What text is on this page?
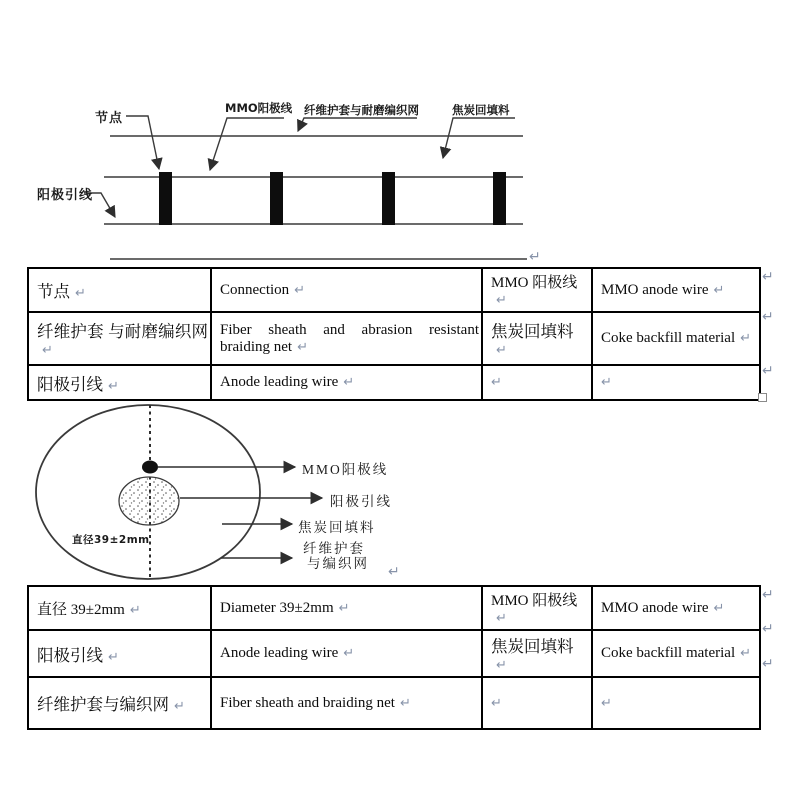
节点
MMO阳极线 纤维护套与耐磨编织网	焦炭回填料
阳极引线
↵
↵
节点 ↵	Connection ↵	MMO 阳极线↵	MMO anode wire ↵
纤维护套 与耐磨编织网↵	Fiber sheath and abrasion resistant braiding net ↵	焦炭回填料↵	Coke backfill material ↵
阳极引线 ↵	Anode leading wire ↵	↵	↵
↵
↵
↵
MMO阳极线
阳极引线
焦炭回填料
纤维护套
与编织网
直径39±2mm
直径 39±2mm ↵	Diameter 39±2mm ↵	MMO 阳极线↵	MMO anode wire ↵
阳极引线 ↵	Anode leading wire ↵	焦炭回填料↵	Coke backfill material ↵
纤维护套与编织网 ↵	Fiber sheath and braiding net ↵	↵	↵
↵
↵
↵
